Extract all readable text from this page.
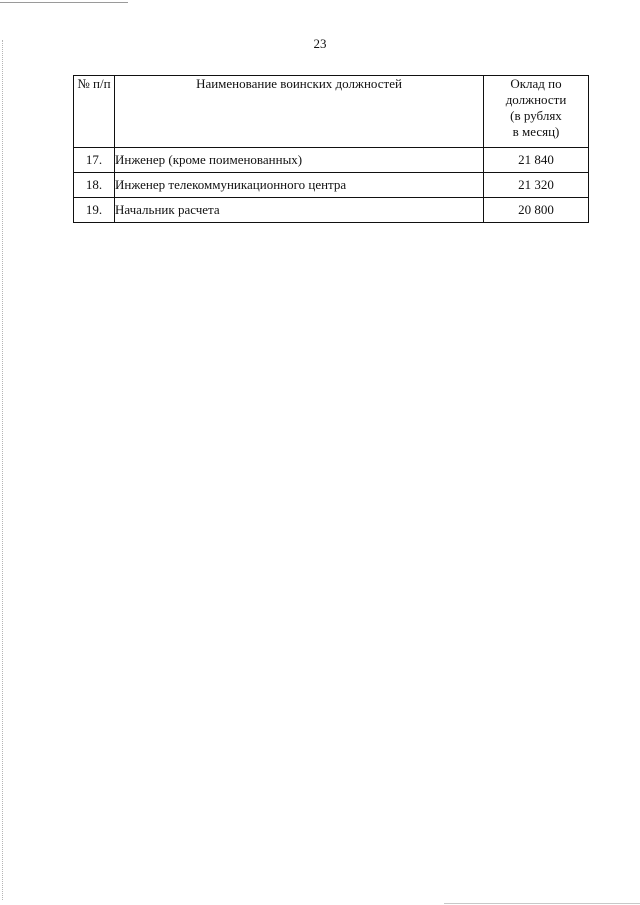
23
№ п/п	Наименование воинских должностей	Оклад по
должности
(в рублях
в месяц)

17.	Инженер (кроме поименованных)	21 840
18.	Инженер телекоммуникационного центра	21 320
19.	Начальник расчета	20 800
